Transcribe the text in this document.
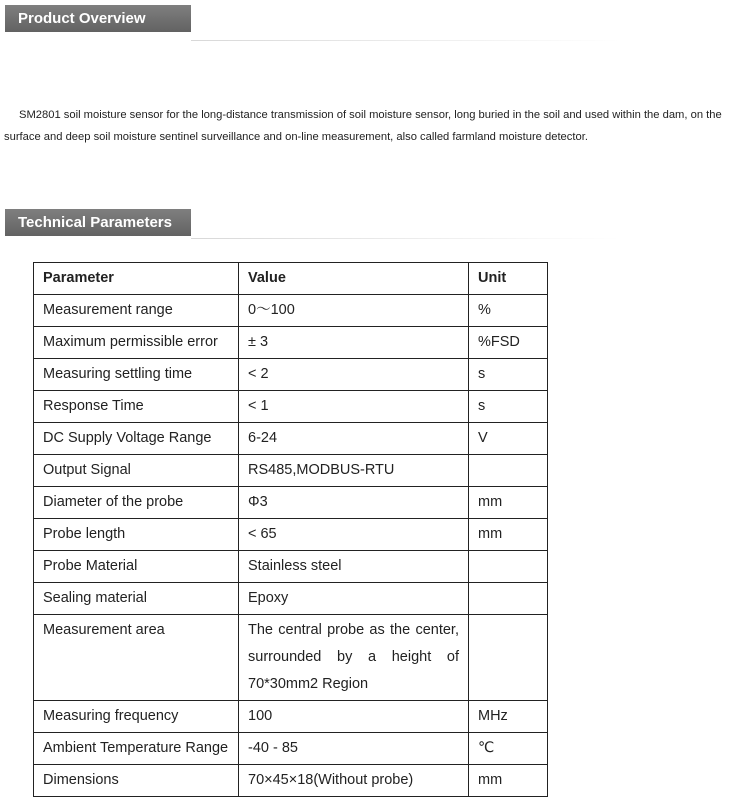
Product Overview

SM2801 soil moisture sensor for the long-distance transmission of soil moisture sensor, long buried in the soil and used within the dam, on the surface and deep soil moisture sentinel surveillance and on-line measurement, also called farmland moisture detector.

Technical Parameters
Parameter	Value	Unit
Measurement range	0～100	%
Maximum permissible error	± 3	%FSD
Measuring settling time	< 2	s
Response Time	< 1	s
DC Supply Voltage Range	6-24	V
Output Signal	RS485,MODBUS-RTU	
Diameter of the probe	Φ3	mm
Probe length	< 65	mm
Probe Material	Stainless steel	
Sealing material	Epoxy	
Measurement area	The central probe as the center, surrounded by a height of 70*30mm2 Region	
Measuring frequency	100	MHz
Ambient Temperature Range	-40 - 85	℃
Dimensions	70×45×18(Without probe)	mm
